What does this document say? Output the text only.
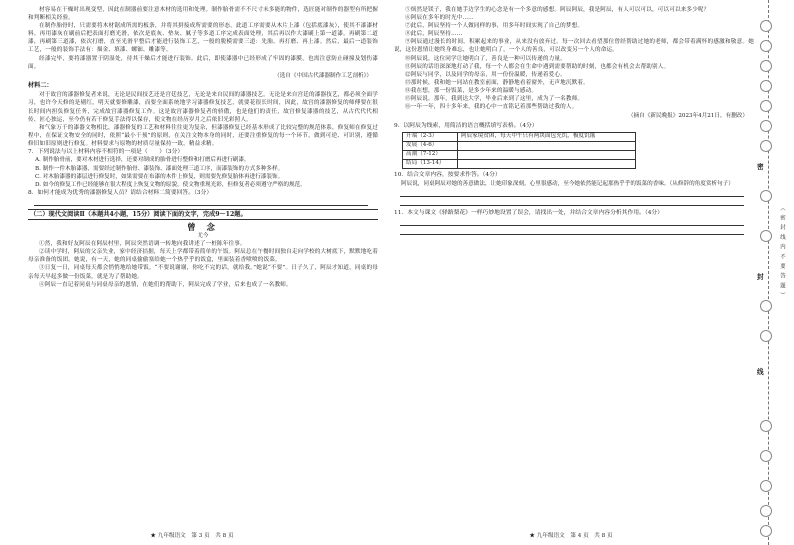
材容易在干燥时出现变型，因此在制器前要注意木材的选用和处理。制作胎骨需不不尺寸未多能的物件，选匠能对制作的器型有所把握和判断相关经验。

在制作胎骨时，只需要将木材锯成所需的板条，并将其拼接成所需要的形态。此道工序需要从木片上漆（包括底漆灰），使其不漆漆材料。再用漆灰在刷前后把表面打磨光滑，依次是底灰、垫灰、腻子等多道工序完成表面处理，其后再以作大漆刷上第一道漆，再刷第二道漆，再刷第三道漆，依次打磨，直至光滑平整后才能进行装饰工艺，一般的脱模需要三道：先胎、再打磨、再上漆。然后，最后一道装饰工艺，一般的装饰手法有：描金、填漆、螺钿、雕漆等。

经漆完毕，要将漆器置于阴湿处，待其干燥后才能进行装饰。此后，即使漆器中已经形成了牢固的漆膜，也需注意防止碰撞及划伤漆面。

（选自《中国古代漆器制作工艺剖析》）
材料二：

对于故宫的漆器修复者来说，无论是民间技艺还是宫廷技艺，无论是来自民间的漆器技艺，无论是来自宫廷的漆器技艺，都必须全面学习，也许今天修的是剔红，明天就要修雕漆，而要全面系统地学习漆器修复技艺，就要花很长时间，因此，故宫的漆器修复的师傅要在很长时间内担负修复任务，完成故宫漆器修复工作。这是故宫漆器修复者的骄傲，也是他们的责任，故宫修复漆器的技艺，从古代代代相传、匠心独运，至今仍有若干修复手法得以保存，使文物在经历岁月之后依旧光彩照人。

和气象万千的漆器文物相比，漆器修复的工艺和材料往往更为复杂，但漆器修复已经基本形成了比较完整的规范体系，修复师在修复过程中，在保证文物安全的同时，依照“最小干预”的原则，在关注文物本身的同时，还要注重修复的每一个环节，做到可逆、可识别，遵循修旧如旧原则进行修复。材料要求与原物的材质尽量保持一致，精益求精。

7．下列说法与以上材料内容不相符的一项是（　　）（3分）
A. 制作胎骨前，要对木材进行选择，还要对制成的胎骨进行整修和打磨后再进行刷漆。
B. 制作一件木胎漆器，需要经过制作胎骨、漆装饰、漆面处理三道工序，而漆装饰的方式多种多样。
C. 对木胎漆器的漆层进行修复时，如果需要在布漆的木件上修复，则需要先修复胎体再进行漆装饰。
D. 如今的修复工作已经能够在很大程度上恢复文物的原貌，使文物重现光彩，但修复者必须遵守严格的规范。
8．如何才能成为优秀的漆器修复人员？请结合材料二简要回答。（3分）
（二）现代文阅读Ⅱ（本题共4小题，15分）阅读下面的文字，完成9～12题。
曾 念
尤今

①然，我和好友阿辰在阿辰村里，阿辰突然语调一转地向我讲述了一桩陈年往事。

②读中学时，阿辰的父亲失业，家中经济拮据，每天上学都带着简单的午饭。阿辰总在午餐时间独自走向学校的大树底下，默默地吃着母亲准备的饭团。她说，有一天，她的同桌偷偷塞给她一个热乎乎的饭盒，里面装着香喷喷的饭菜。

③日复一日，同桌每天都会悄悄地给她带饭。“不要说谢谢，你吃不完的话，就给我。”她说“不要”。日子久了，阿辰才知道，同桌的母亲每天早起多做一份饭菜，就是为了帮助她。

④阿辰一直记着同桌与同桌母亲的恩情，在她们的帮助下，阿辰完成了学业，后来也成了一名教师。

★ 九年级语文　第 3 页　共 8 页

⑤烦然是镁子，我在她手边学生的心念是有一个多意的感想。阿辰阿辰，我是阿辰，有人可以可以，可以可以来多少呢？

⑥阿辰在多年的时光中……

⑦此后，阿辰坚持一个人做同样的事，用多年时间实现了自己的梦想。

⑧此后，阿辰坚持……

⑨阿辰通过漫长的时间，积累起来的事业，从来没有放弃过。每一次回去看望那位曾经帮助过她的老师，都会带着满怀的感激和敬意。她说，这份恩情让她终身难忘，也让她明白了，一个人的善良，可以改变另一个人的命运。

⑩阿辰说，这位同学让她明白了，善良是一种可以传递的力量。

⑪阿辰的话语深深地打动了我，每一个人都会在生命中遇到需要帮助的时刻，也都会有机会去帮助别人。

⑫阿辰与同学，以及同学的母亲，用一份份温暖，传递着爱心。

⑬那时候，我和她一同站在教室前面，静静地看着窗外，无声地沉默着。

⑭我在想，那一份饭菜，是多少年来的温暖与感动。

⑮阿辰说，那年，我到达大学，毕业后来到了这里，成为了一名教师。

⑯一年一年，四十多年来，我的心中一直铭记着那些帮助过我的人。

（摘自《新民晚报》2023年4月21日，有删改）
9．以阿辰为线索，用简洁的语言概括填写表格。（4分）
开端（2-3）	阿辰家境贫困，每天中午只有两块面包充饥，极度饥饿
发展（4-6）	
高潮（7-12）	
结局（13-14）	
10．结合文章内容，按要求作答。（4分）
阿辰说，同桌阿辰对她的善意做法，让她印象深刻，心里很感动，至今她依然能记起那热乎乎的饭菜的香味。（从修辞的角度赏析句子）
11．本文与课文《驿路梨花》一样巧妙地设置了误会，请找出一处，并结合文章内容分析其作用。（4分）
★ 九年级语文　第 4 页　共 8 页
密
封
线
（ 密 封 线 内 不 要 答 题 ）
